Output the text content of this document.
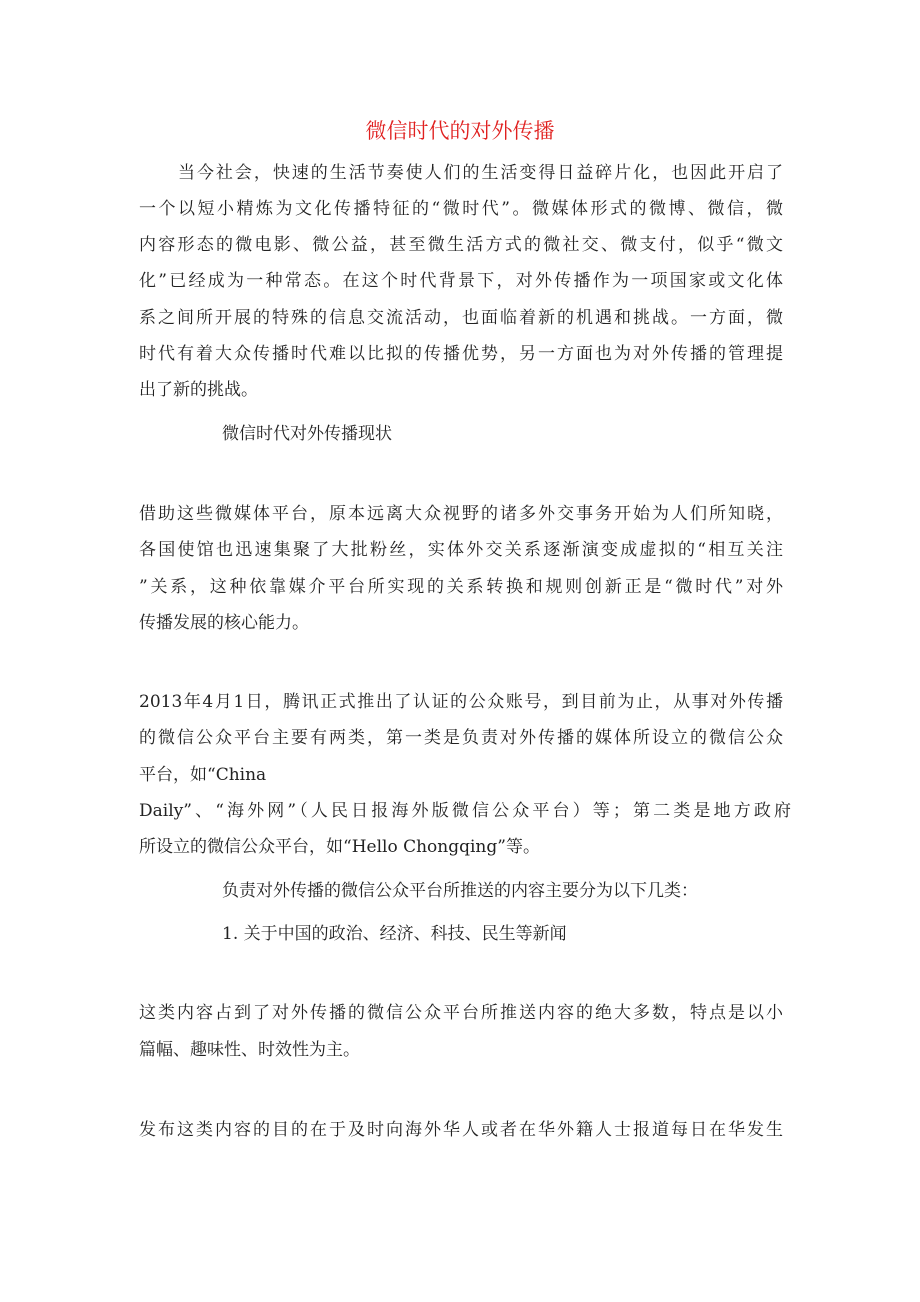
微信时代的对外传播
当今社会，快速的生活节奏使人们的生活变得日益碎片化，也因此开启了
一个以短小精炼为文化传播特征的“微时代”。微媒体形式的微博、微信，微
内容形态的微电影、微公益，甚至微生活方式的微社交、微支付，似乎“微文
化”已经成为一种常态。在这个时代背景下，对外传播作为一项国家或文化体
系之间所开展的特殊的信息交流活动，也面临着新的机遇和挑战。一方面，微
时代有着大众传播时代难以比拟的传播优势，另一方面也为对外传播的管理提
出了新的挑战。
微信时代对外传播现状
借助这些微媒体平台，原本远离大众视野的诸多外交事务开始为人们所知晓，
各国使馆也迅速集聚了大批粉丝，实体外交关系逐渐演变成虚拟的“相互关注
”关系，这种依靠媒介平台所实现的关系转换和规则创新正是“微时代”对外
传播发展的核心能力。
2013年4月1日，腾讯正式推出了认证的公众账号，到目前为止，从事对外传播
的微信公众平台主要有两类，第一类是负责对外传播的媒体所设立的微信公众
平台，如“China
Daily”、“海外网”（人民日报海外版微信公众平台）等；第二类是地方政府
所设立的微信公众平台，如“Hello Chongqing”等。
负责对外传播的微信公众平台所推送的内容主要分为以下几类：
1. 关于中国的政治、经济、科技、民生等新闻
这类内容占到了对外传播的微信公众平台所推送内容的绝大多数，特点是以小
篇幅、趣味性、时效性为主。
发布这类内容的目的在于及时向海外华人或者在华外籍人士报道每日在华发生
